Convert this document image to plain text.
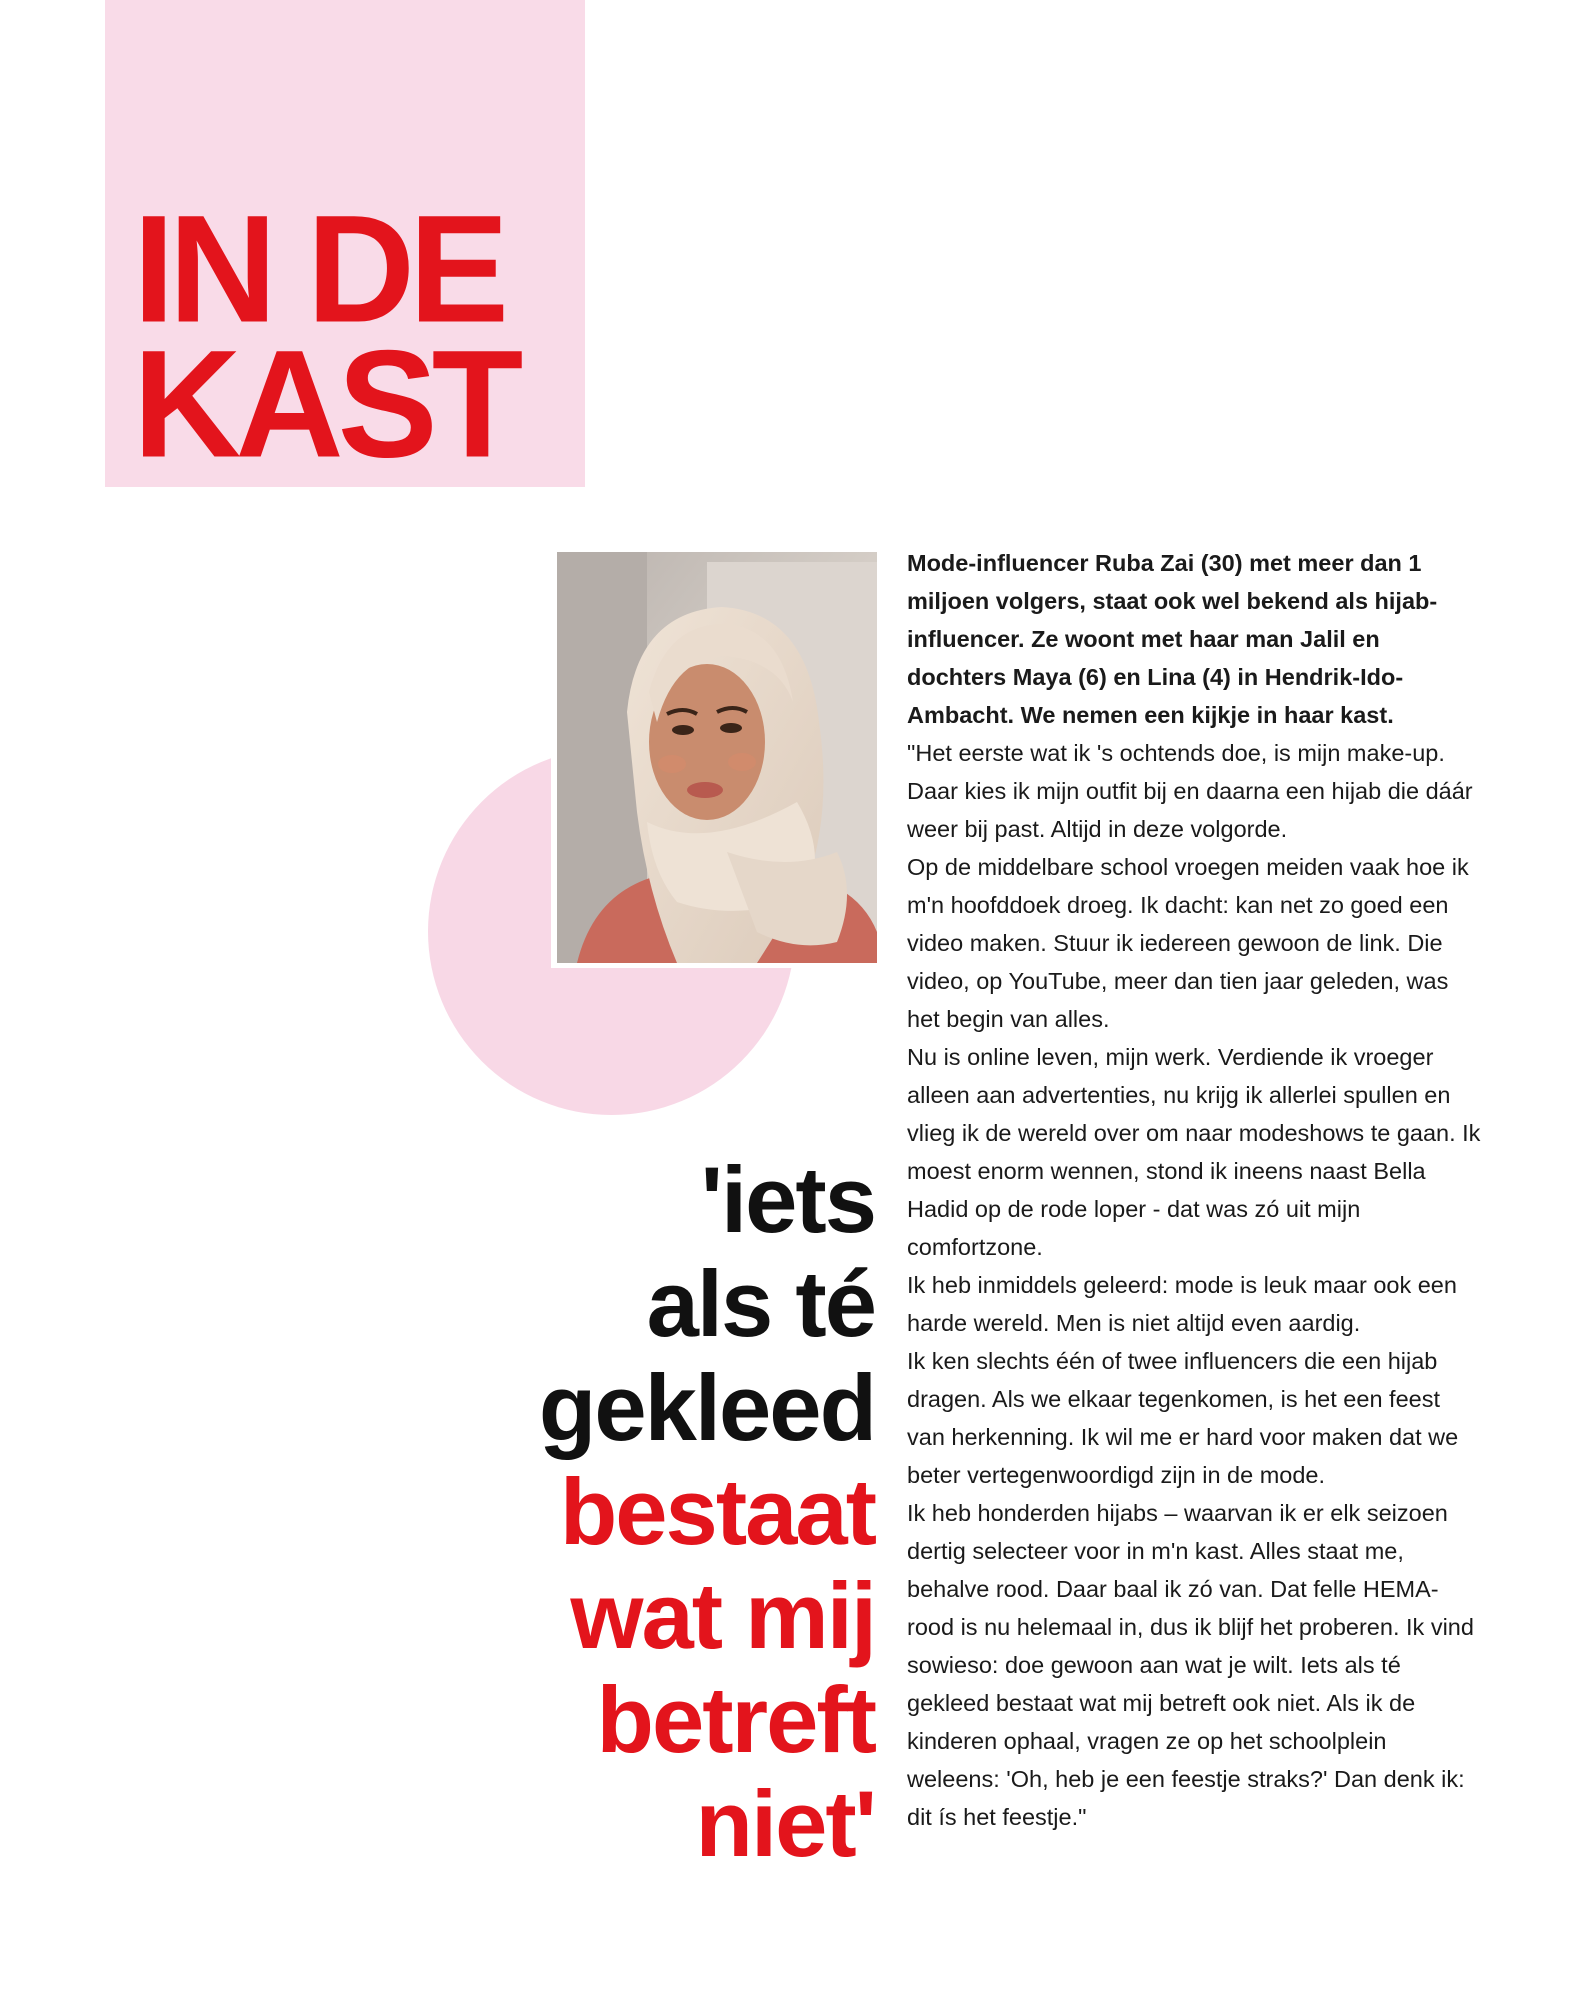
IN DE
KAST
'iets
als té
gekleed
bestaat
wat mij
betreft
niet'

Mode-influencer Ruba Zai (30) met meer dan 1 miljoen volgers, staat ook wel bekend als hijab-influencer. Ze woont met haar man Jalil en dochters Maya (6) en Lina (4) in Hendrik-Ido-Ambacht. We nemen een kijkje in haar kast.

"Het eerste wat ik 's ochtends doe, is mijn make-up. Daar kies ik mijn outfit bij en daarna een hijab die dáár weer bij past. Altijd in deze volgorde.

Op de middelbare school vroegen meiden vaak hoe ik m'n hoofddoek droeg. Ik dacht: kan net zo goed een video maken. Stuur ik iedereen gewoon de link. Die video, op YouTube, meer dan tien jaar geleden, was het begin van alles.

Nu is online leven, mijn werk. Verdiende ik vroeger alleen aan advertenties, nu krijg ik allerlei spullen en vlieg ik de wereld over om naar modeshows te gaan. Ik moest enorm wennen, stond ik ineens naast Bella Hadid op de rode loper - dat was zó uit mijn comfortzone.

Ik heb inmiddels geleerd: mode is leuk maar ook een harde wereld. Men is niet altijd even aardig.

Ik ken slechts één of twee influencers die een hijab dragen. Als we elkaar tegenkomen, is het een feest van herkenning. Ik wil me er hard voor maken dat we beter vertegenwoordigd zijn in de mode.

Ik heb honderden hijabs – waarvan ik er elk seizoen dertig selecteer voor in m'n kast. Alles staat me, behalve rood. Daar baal ik zó van. Dat felle HEMA-rood is nu helemaal in, dus ik blijf het proberen. Ik vind sowieso: doe gewoon aan wat je wilt. Iets als té gekleed bestaat wat mij betreft ook niet. Als ik de kinderen ophaal, vragen ze op het schoolplein weleens: 'Oh, heb je een feestje straks?' Dan denk ik: dit ís het feestje."
